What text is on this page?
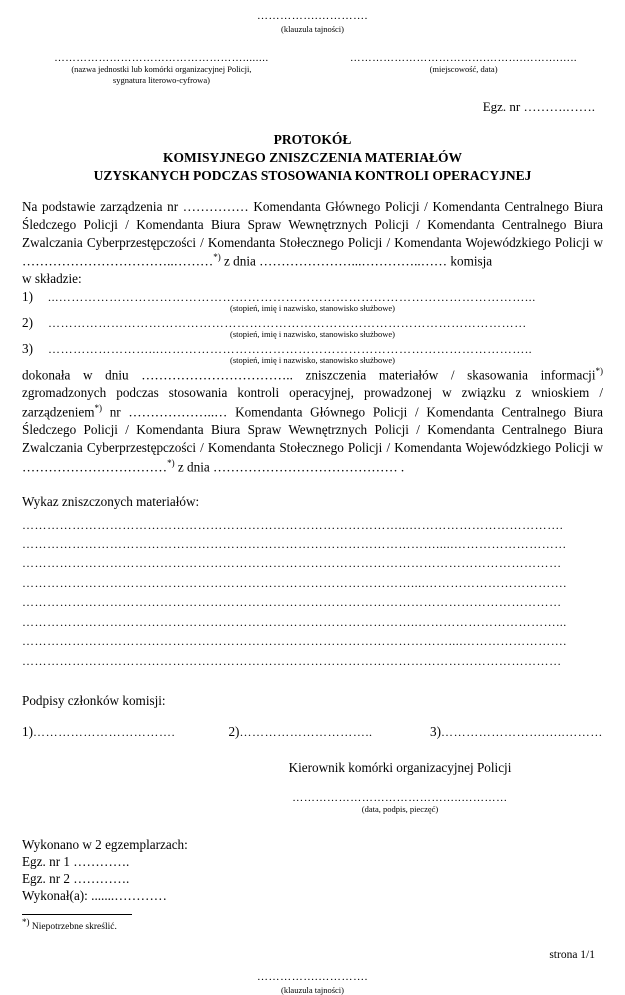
…………….………….
(klauzula tajności)
……………………………………………........
(nazwa jednostki lub komórki organizacyjnej Policji,
sygnatura literowo-cyfrowa)
……………………………….……….……….…..
(miejscowość, data)
Egz. nr ……….…….
PROTOKÓŁ
KOMISYJNEGO ZNISZCZENIA MATERIAŁÓW
UZYSKANYCH PODCZAS STOSOWANIA KONTROLI OPERACYJNEJ
Na podstawie zarządzenia nr …………… Komendanta Głównego Policji / Komendanta Centralnego Biura Śledczego Policji / Komendanta Biura Spraw Wewnętrznych Policji / Komendanta Centralnego Biura Zwalczania Cyberprzestępczości / Komendanta Stołecznego Policji / Komendanta Wojewódzkiego Policji w ……………………………..………*) z dnia …………………...…………..…… komisja
w składzie:
1)	...…………………………………………………………………………………………………...
(stopień, imię i nazwisko, stanowisko służbowe)
2)	……………………………………………………………………………………………………
(stopień, imię i nazwisko, stanowisko służbowe)
3)	……………………...……………………………………………………………………………..
(stopień, imię i nazwisko, stanowisko służbowe)
dokonała w dniu …………………………….. zniszczenia materiałów / skasowania informacji*) zgromadzonych podczas stosowania kontroli operacyjnej, prowadzonej w związku z wnioskiem / zarządzeniem*) nr ………………..… Komendanta Głównego Policji / Komendanta Centralnego Biura Śledczego Policji / Komendanta Biura Spraw Wewnętrznych Policji / Komendanta Centralnego Biura Zwalczania Cyberprzestępczości / Komendanta Stołecznego Policji / Komendanta Wojewódzkiego Policji w ……………………………*) z dnia …………………………………… .
Wykaz zniszczonych materiałów:
………………………………………………………………………………...……………………………….
……………………………………………………………………………………….....………………………
…………………………………………………………………………………………………………………
…………………………………………………………………………………....…………………………….
…………………………………………………………………………………………………………………
…………………………………………………………………………………..……………………………...
…………………………………………………………………………………………....…………………….
…………………………………………………………………………………………………………………
Podpisy członków komisji:
1)…………………………….	2)…………………………..	3)…………………….…..………
Kierownik komórki organizacyjnej Policji
……………………………………..…………
(data, podpis, pieczęć)
Wykonano w 2 egzemplarzach:
Egz. nr 1 ………….
Egz. nr 2 ………….
Wykonał(a): .......…………
*) Niepotrzebne skreślić.
strona 1/1
…………….………….
(klauzula tajności)
